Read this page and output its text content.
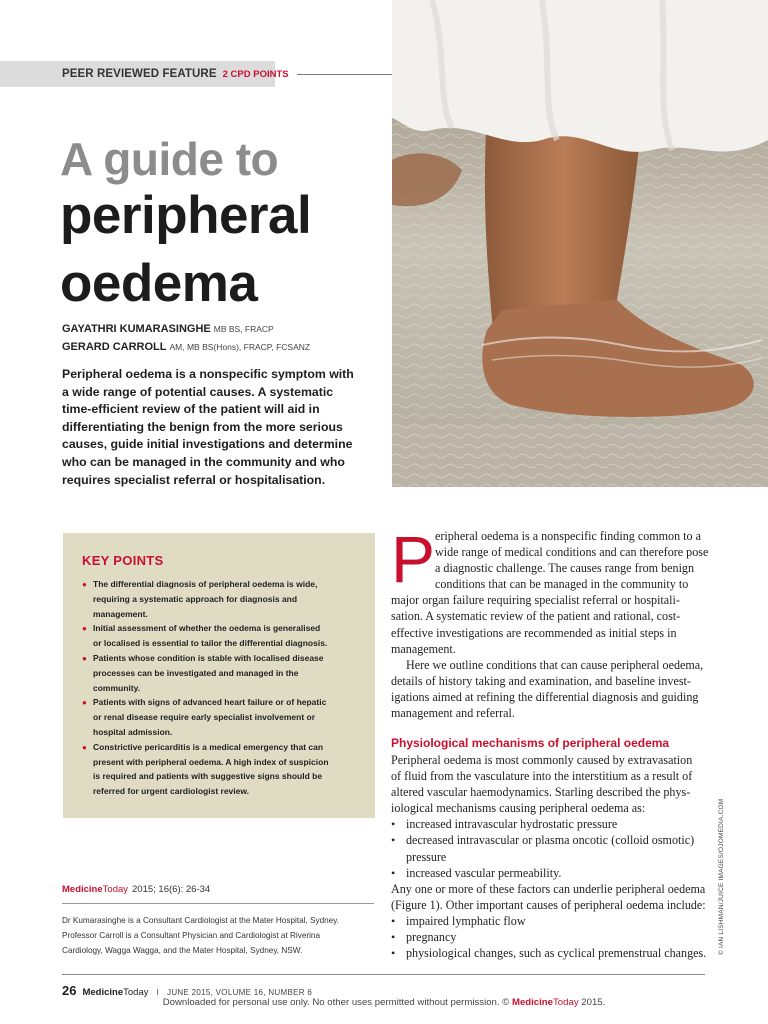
PEER REVIEWED FEATURE 2 CPD POINTS
A guide to
peripheral
oedema
GAYATHRI KUMARASINGHE MB BS, FRACP
GERARD CARROLL AM, MB BS(Hons), FRACP, FCSANZ
Peripheral oedema is a nonspecific symptom with
a wide range of potential causes. A systematic
time-efficient review of the patient will aid in
differentiating the benign from the more serious
causes, guide initial investigations and determine
who can be managed in the community and who
requires specialist referral or hospitalisation.
KEY POINTS
● The differential diagnosis of peripheral oedema is wide,
requiring a systematic approach for diagnosis and
management.
● Initial assessment of whether the oedema is generalised
or localised is essential to tailor the differential diagnosis.
● Patients whose condition is stable with localised disease
processes can be investigated and managed in the
community.
● Patients with signs of advanced heart failure or of hepatic
or renal disease require early specialist involvement or
hospital admission.
● Constrictive pericarditis is a medical emergency that can
present with peripheral oedema. A high index of suspicion
is required and patients with suggestive signs should be
referred for urgent cardiologist review.
MedicineToday 2015; 16(6): 26-34
Dr Kumarasinghe is a Consultant Cardiologist at the Mater Hospital, Sydney.
Professor Carroll is a Consultant Physician and Cardiologist at Riverina
Cardiology, Wagga Wagga, and the Mater Hospital, Sydney, NSW.
P eripheral oedema is a nonspecific finding common to a
wide range of medical conditions and can therefore pose
a diagnostic challenge. The causes range from benign
conditions that can be managed in the community to
major organ failure requiring specialist referral or hospitali-
sation. A systematic review of the patient and rational, cost-
effective investigations are recommended as initial steps in
management.
Here we outline conditions that can cause peripheral oedema,
details of history taking and examination, and baseline invest-
igations aimed at refining the differential diagnosis and guiding
management and referral.
Physiological mechanisms of peripheral oedema
Peripheral oedema is most commonly caused by extravasation
of fluid from the vasculature into the interstitium as a result of
altered vascular haemodynamics. Starling described the phys-
iological mechanisms causing peripheral oedema as:
• increased intravascular hydrostatic pressure
• decreased intravascular or plasma oncotic (colloid osmotic)
pressure
• increased vascular permeability.
Any one or more of these factors can underlie peripheral oedema
(Figure 1). Other important causes of peripheral oedema include:
• impaired lymphatic flow
• pregnancy
• physiological changes, such as cyclical premenstrual changes. © IAN LISHMAN/JUICE IMAGES/OJOMEDIA.COM
26 Medicine Today I JUNE 2015, VOLUME 16, NUMBER 6
Downloaded for personal use only. No other uses permitted without permission. © MedicineToday 2015.
